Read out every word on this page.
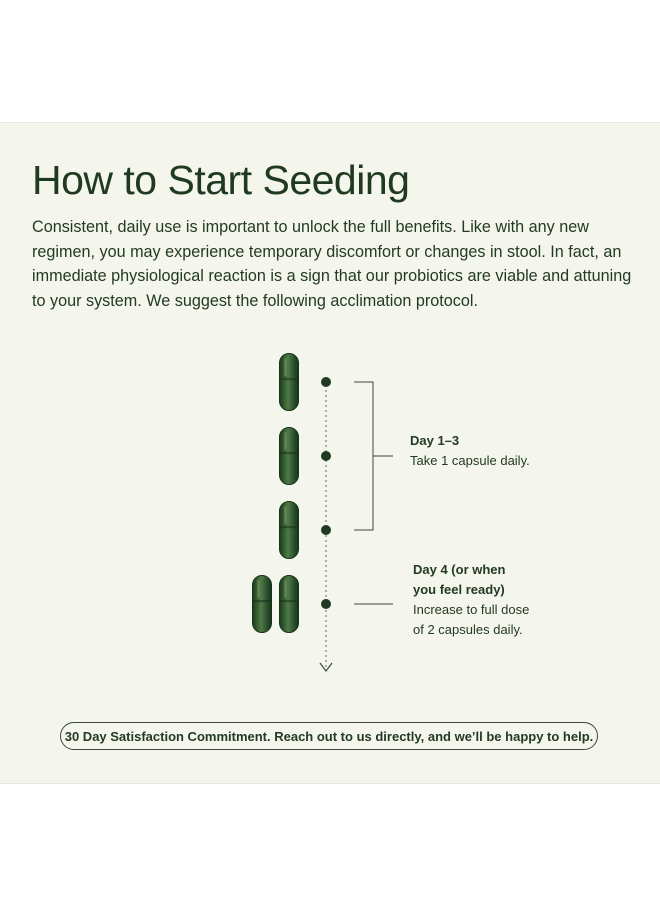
How to Start Seeding

Consistent, daily use is important to unlock the full benefits. Like with any new regimen, you may experience temporary discomfort or changes in stool. In fact, an immediate physiological reaction is a sign that our probiotics are viable and attuning to your system. We suggest the following acclimation protocol.

Day 1–3
Take 1 capsule daily.
Day 4 (or when you feel ready)
Increase to full dose of 2 capsules daily.
30 Day Satisfaction Commitment. Reach out to us directly, and we’ll be happy to help.
